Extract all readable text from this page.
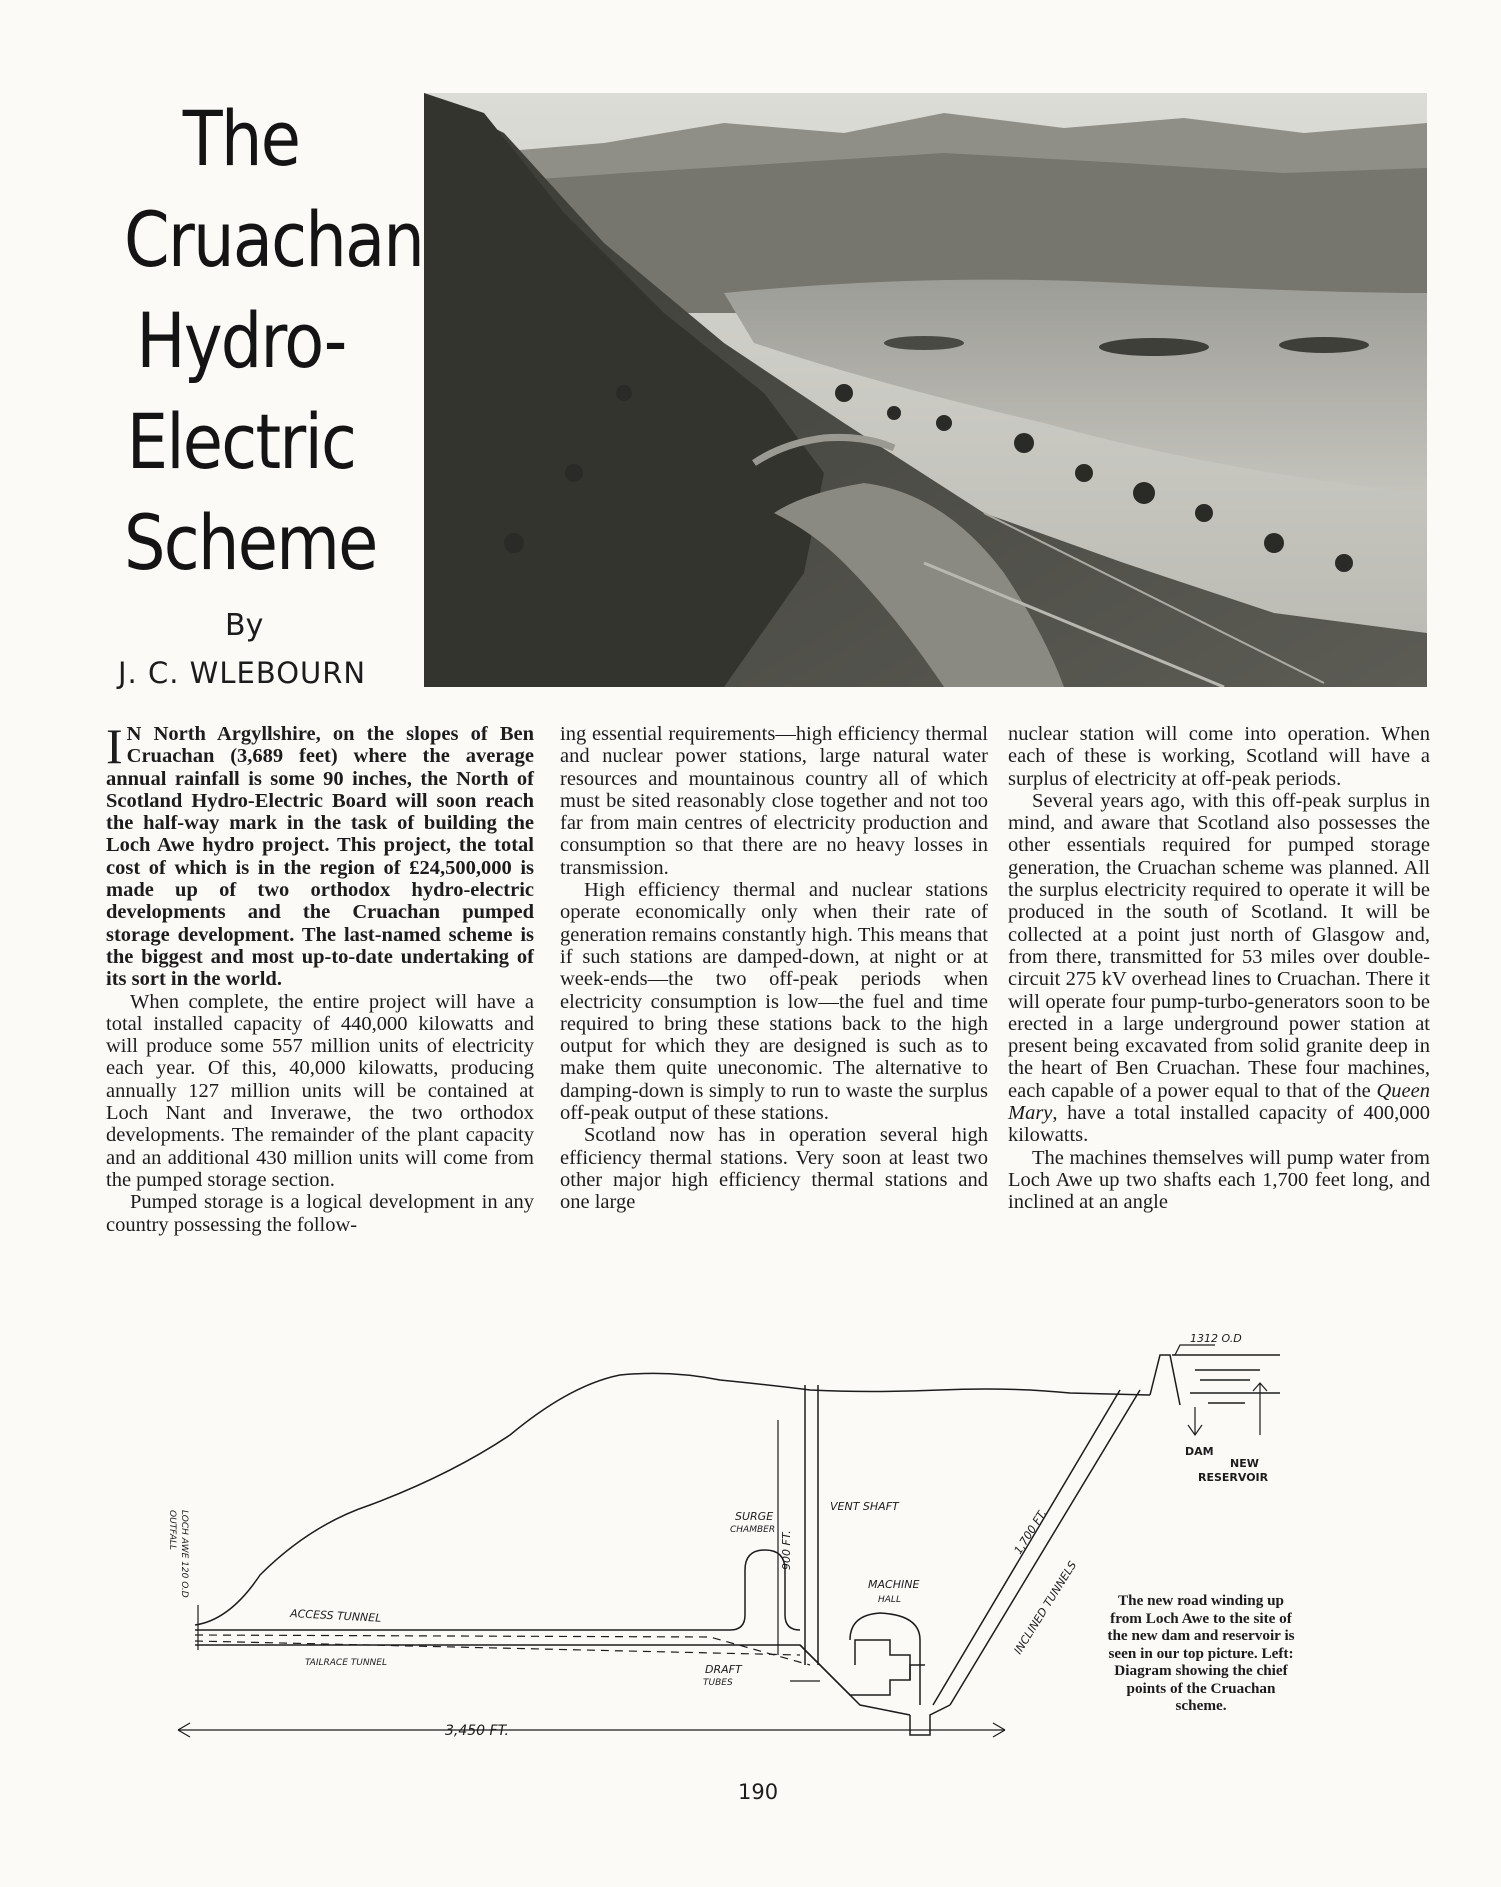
The
Cruachan
Hydro-
Electric
Scheme
By
J. C. WLEBOURN

I N North Argyllshire, on the slopes of Ben Cruachan (3,689 feet) where the average annual rainfall is some 90 inches, the North of Scotland Hydro-Electric Board will soon reach the half-way mark in the task of building the Loch Awe hydro project. This project, the total cost of which is in the region of £24,500,000 is made up of two orthodox hydro-electric developments and the Cruachan pumped storage development. The last-named scheme is the biggest and most up-to-date undertaking of its sort in the world.

When complete, the entire project will have a total installed capacity of 440,000 kilowatts and will produce some 557 million units of electricity each year. Of this, 40,000 kilowatts, producing annually 127 million units will be contained at Loch Nant and Inverawe, the two orthodox developments. The remainder of the plant capacity and an additional 430 million units will come from the pumped storage section.

Pumped storage is a logical development in any country possessing the follow-

ing essential requirements—high efficiency thermal and nuclear power stations, large natural water resources and mountainous country all of which must be sited reasonably close together and not too far from main centres of electricity production and consumption so that there are no heavy losses in transmission.

High efficiency thermal and nuclear stations operate economically only when their rate of generation remains constantly high. This means that if such stations are damped-down, at night or at week-ends—the two off-peak periods when electricity consumption is low—the fuel and time required to bring these stations back to the high output for which they are designed is such as to make them quite uneconomic. The alternative to damping-down is simply to run to waste the surplus off-peak output of these stations.

Scotland now has in operation several high efficiency thermal stations. Very soon at least two other major high efficiency thermal stations and one large

nuclear station will come into operation. When each of these is working, Scotland will have a surplus of electricity at off-peak periods.

Several years ago, with this off-peak surplus in mind, and aware that Scotland also possesses the other essentials required for pumped storage generation, the Cruachan scheme was planned. All the surplus electricity required to operate it will be produced in the south of Scotland. It will be collected at a point just north of Glasgow and, from there, transmitted for 53 miles over double-circuit 275 kV overhead lines to Cruachan. There it will operate four pump-turbo-generators soon to be erected in a large underground power station at present being excavated from solid granite deep in the heart of Ben Cruachan. These four machines, each capable of a power equal to that of the Queen Mary, have a total installed capacity of 400,000 kilowatts.

The machines themselves will pump water from Loch Awe up two shafts each 1,700 feet long, and inclined at an angle

1312 O.D
DAM
NEW
RESERVOIR
VENT SHAFT
SURGE
CHAMBER
900 FT.
MACHINE
HALL
1,700 FT.
INCLINED TUNNELS
OUTFALL LOCH AWE 120 O.D
ACCESS TUNNEL
TAILRACE TUNNEL	DRAFT
TUBES
3,450 FT.
The new road winding up from Loch Awe to the site of the new dam and reservoir is seen in our top picture. Left: Diagram showing the chief points of the Cruachan scheme.
190
